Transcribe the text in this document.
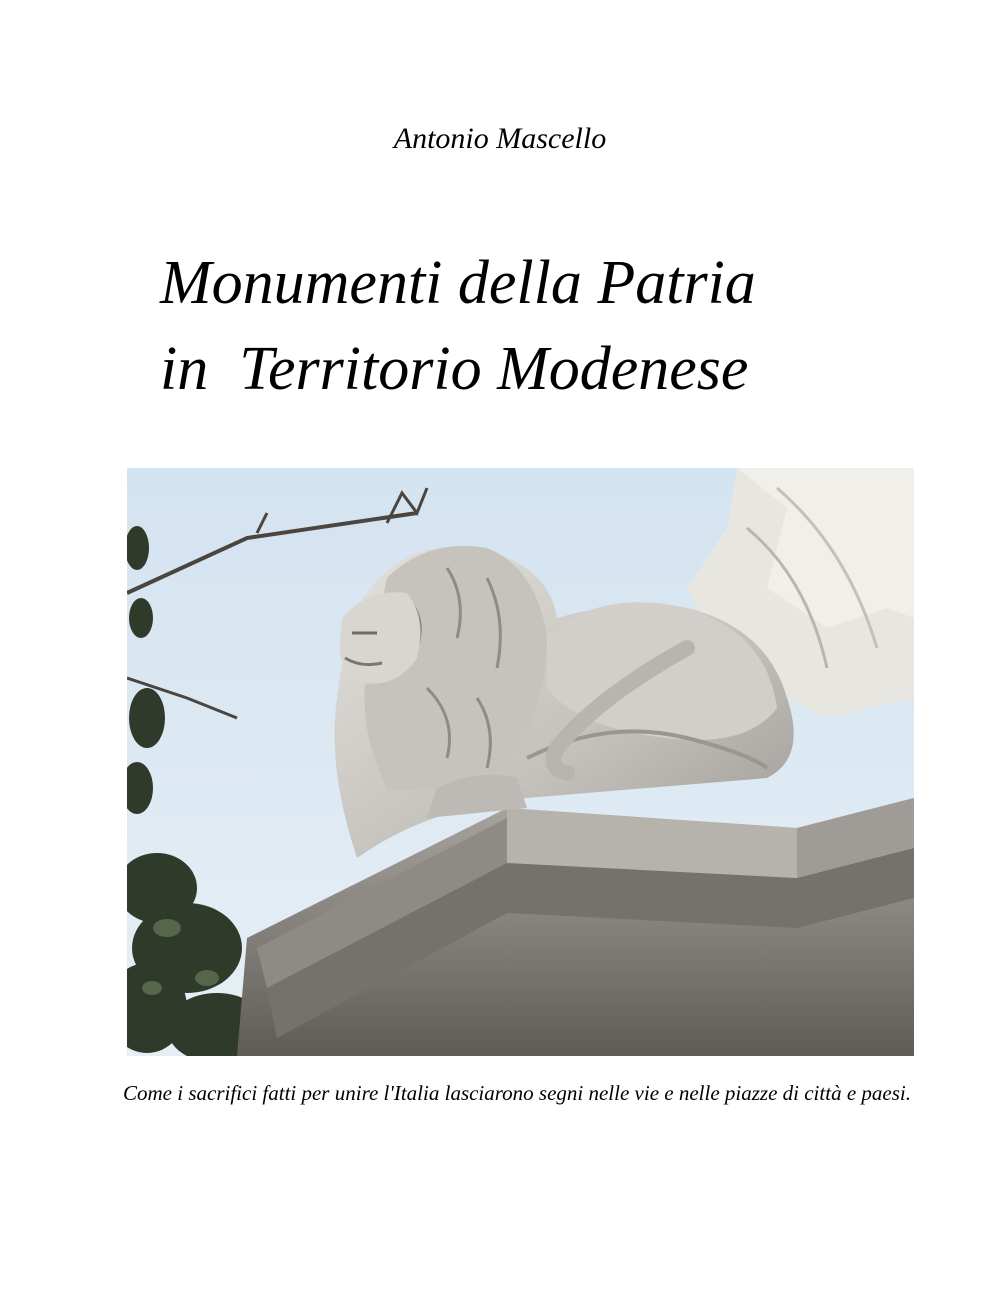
Antonio Mascello
Monumenti della Patria
in  Territorio Modenese
Come i sacrifici fatti per unire l'Italia lasciarono segni nelle vie e nelle piazze di città e paesi.
